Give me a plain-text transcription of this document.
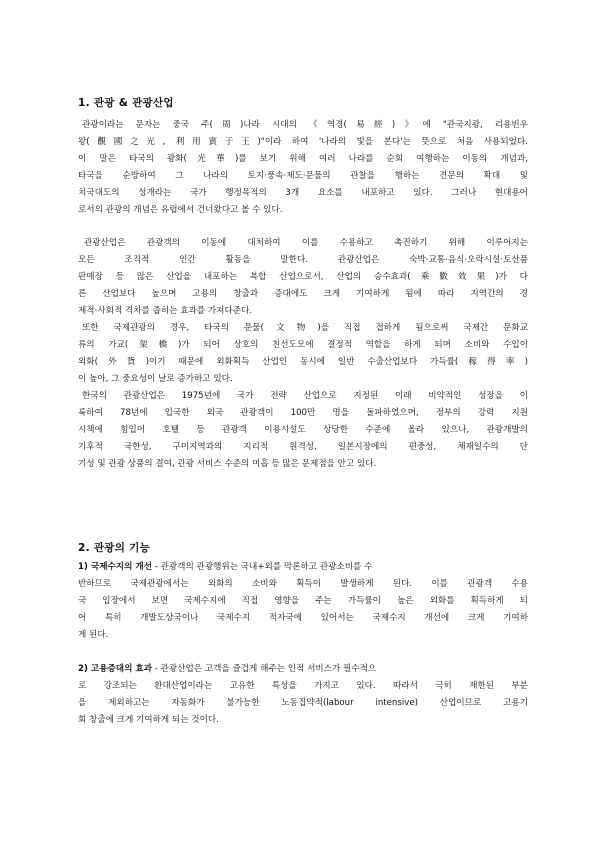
1. 관광 & 관광산업
관광이라는 문자는 중국 주(周)나라 시대의 《역경(易經)》에 "관국지광, 리용빈우
왕(觀國之光, 利用賓于王)"이라 하여 '나라의 빛을 본다'는 뜻으로 처음 사용되었다.
이 말은 타국의 광화(光華)를 보기 위해 여러 나라를 순회 여행하는 이동의 개념과,
타국을 순방하여 그 나라의 토지·풍속·제도·문물의 관찰을 행하는 견문의 확대 및
치국대도의 성개라는 국가 행정목적의 3개 요소를 내포하고 있다. 그러나 현대용어
로서의 관광의 개념은 유럽에서 건너왔다고 볼 수 있다.
관광산업은 관광객의 이동에 대처하여 이를 수용하고 촉진하기 위해 이루어지는
모든 조직적 인간 활동을 말한다. 관광산업은 숙박·교통·음식·오락시설·토산품
판매장 등 많은 산업을 내포하는 복합 산업으로서, 산업의 승수효과(乘數效果)가 다
른 산업보다 높으며 고용의 창출과 증대에도 크게 기여하게 됨에 따라 지역간의 경
제적·사회적 격차를 좁히는 효과를 가져다준다.
또한 국제관광의 경우, 타국의 문물(文物)을 직접 접하게 됨으로써 국제간 문화교
류의 가교(架橋)가 되어 상호의 친선도모에 결정적 역할을 하게 되며 소비와 수입이
외화(外貨)이기 때문에 외화획득 산업인 동시에 일반 수출산업보다 가득률(稼得率)
이 높아, 그 중요성이 날로 증가하고 있다.
한국의 관광산업은 1975년에 국가 전략 산업으로 지정된 이래 비약적인 성장을 이
룩하여 78년에 입국한 외국 관광객이 100만 명을 돌파하였으며, 정부의 강력 지원
시책에 힘입어 호텔 등 관광객 이용시설도 상당한 수준에 올라 있으나, 관광개발의
기후적 국한성, 구미지역과의 지리적 원격성, 일본시장에의 편중성, 체재일수의 단
기성 및 관광 상품의 결여, 관광 서비스 수준의 미흡 등 많은 문제점을 안고 있다.
2. 관광의 기능
1) 국제수지의 개선 - 관광객의 관광행위는 국내+외를 막론하고 관광소비를 수
반하므로 국제관광에서는 외화의 소비와 획득이 발생하게 된다. 이를 관광객 수용
국 입장에서 보면 국제수지에 직접 영향을 주는 가득률이 높은 외화를 획득하게 되
어 특히 개발도상국이나 국제수지 적자국에 있어서는 국제수지 개선에 크게 기여하
게 된다.
2) 고용증대의 효과 - 관광산업은 고객을 즐겁게 해주는 인적 서비스가 필수적으
로 강조되는 환대산업이라는 고유한 특성을 가지고 있다. 따라서 극히 제한된 부분
을 제외하고는 자동화가 불가능한 노동집약적(labour intensive) 산업이므로 고용기
회 창출에 크게 기여하게 되는 것이다.
